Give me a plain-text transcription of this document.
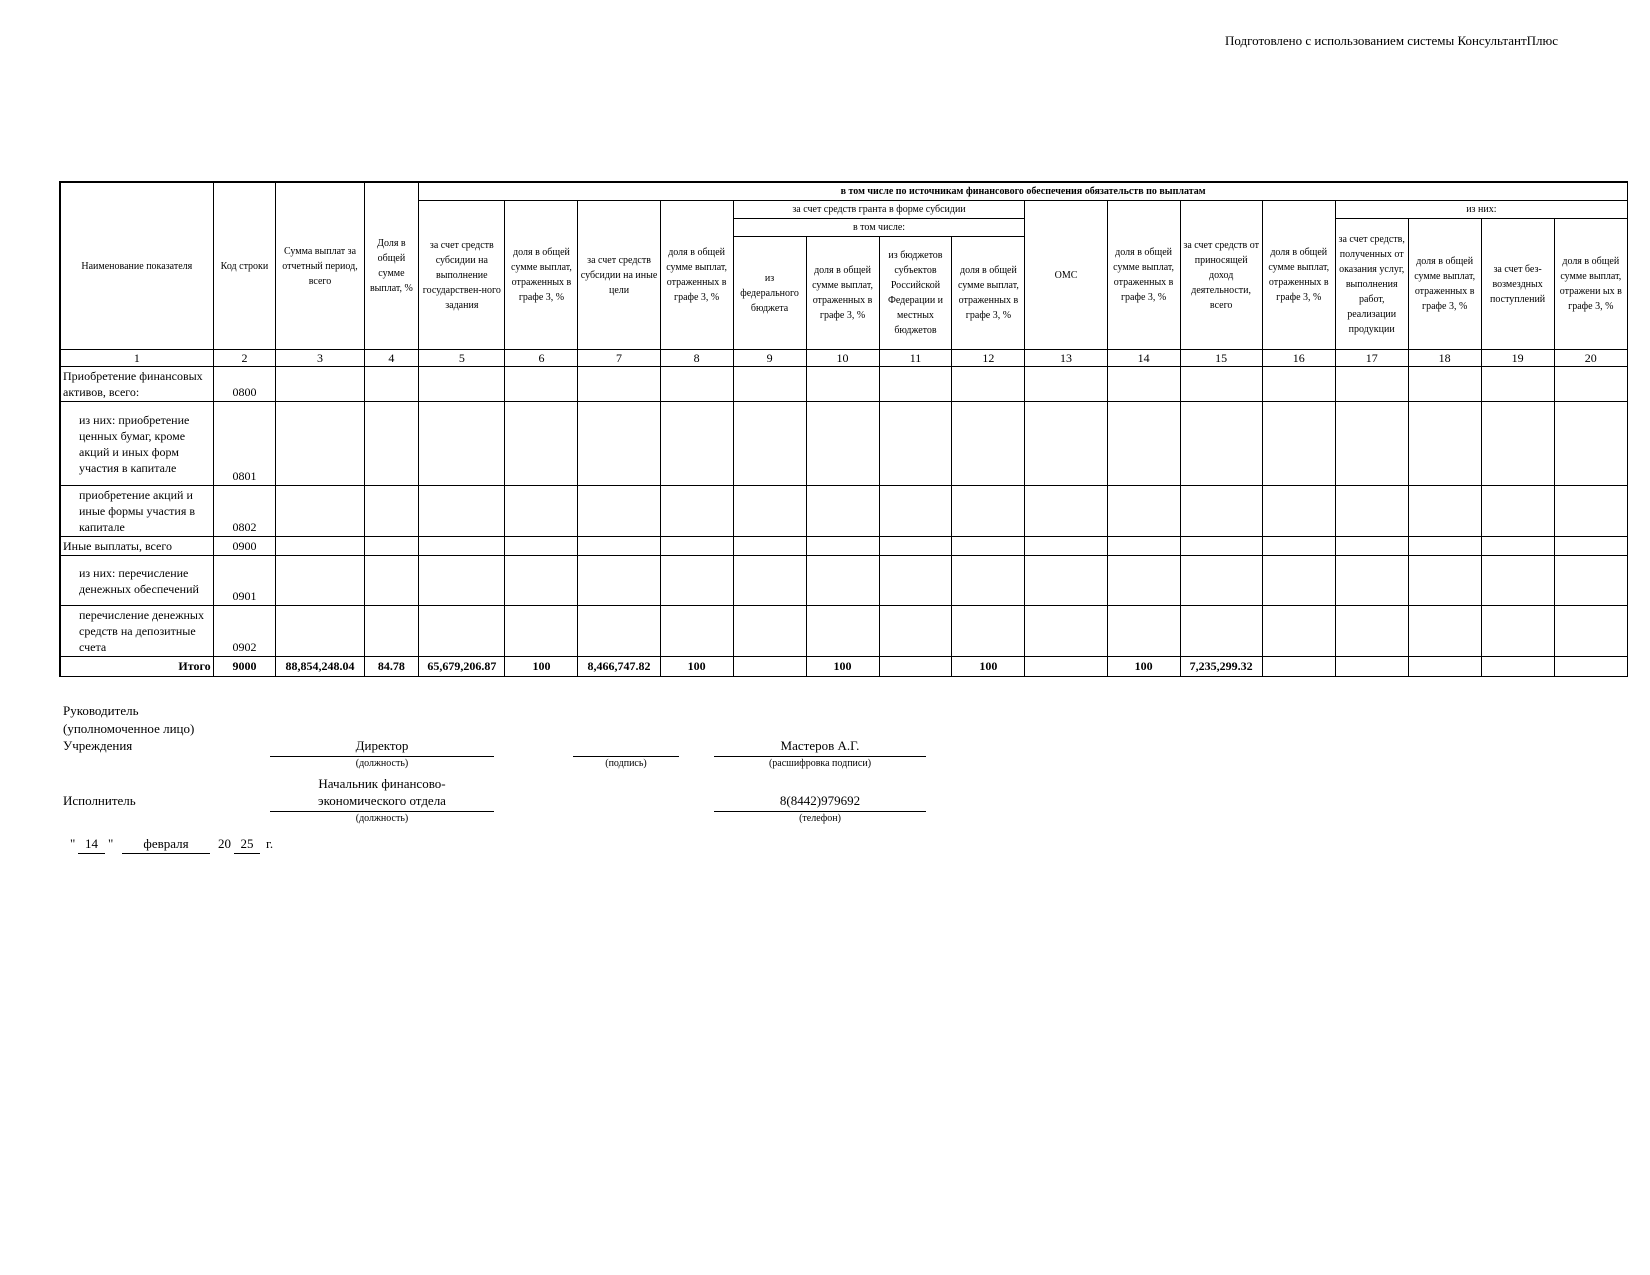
Подготовлено с использованием системы КонсультантПлюс
Наименование показателя	Код строки	Сумма выплат за отчетный период, всего	Доля в общей сумме выплат, %	в том числе по источникам финансового обеспечения обязательств по выплатам															
				за счет средств субсидии на выполнение государствен-ного задания	доля в общей сумме выплат, отраженных в графе 3, %	за счет средств субсидии на иные цели	доля в общей сумме выплат, отраженных в графе 3, %	за счет средств гранта в форме субсидии				ОМС	доля в общей сумме выплат, отраженных в графе 3, %	за счет средств от приносящей доход деятельности, всего	доля в общей сумме выплат, отраженных в графе 3, %	из них:			
								в том числе:								за счет средств, полученных от оказания услуг, выполнения работ, реализации продукции	доля в общей сумме выплат, отраженных в графе 3, %	за счет без-возмездных поступлений	доля в общей сумме выплат, отражени ых в графе 3, %
								из федерального бюджета	доля в общей сумме выплат, отраженных в графе 3, %	из бюджетов субъектов Российской Федерации и местных бюджетов	доля в общей сумме выплат, отраженных в графе 3, %								
1	2	3	4	5	6	7	8	9	10	11	12	13	14	15	16	17	18	19	20
Приобретение финансовых активов, всего:	0800																		
из них: приобретение ценных бумаг, кроме акций и иных форм участия в капитале	0801																		
приобретение акций и иные формы участия в капитале	0802																		
Иные выплаты, всего	0900																		
из них: перечисление денежных обеспечений	0901																		
перечисление денежных средств на депозитные счета	0902																		
Итого	9000	88,854,248.04	84.78	65,679,206.87	100	8,466,747.82	100		100		100		100	7,235,299.32					
Руководитель
(уполномоченное лицо)
Учреждения	Директор
(должность)	(подпись)
Мастеров А.Г.
(расшифровка подписи)
Исполнитель
Начальник финансово-
экономического отдела
(должность)
8(8442)979692
(телефон)
" 14 "	февраля	20 25 г.
